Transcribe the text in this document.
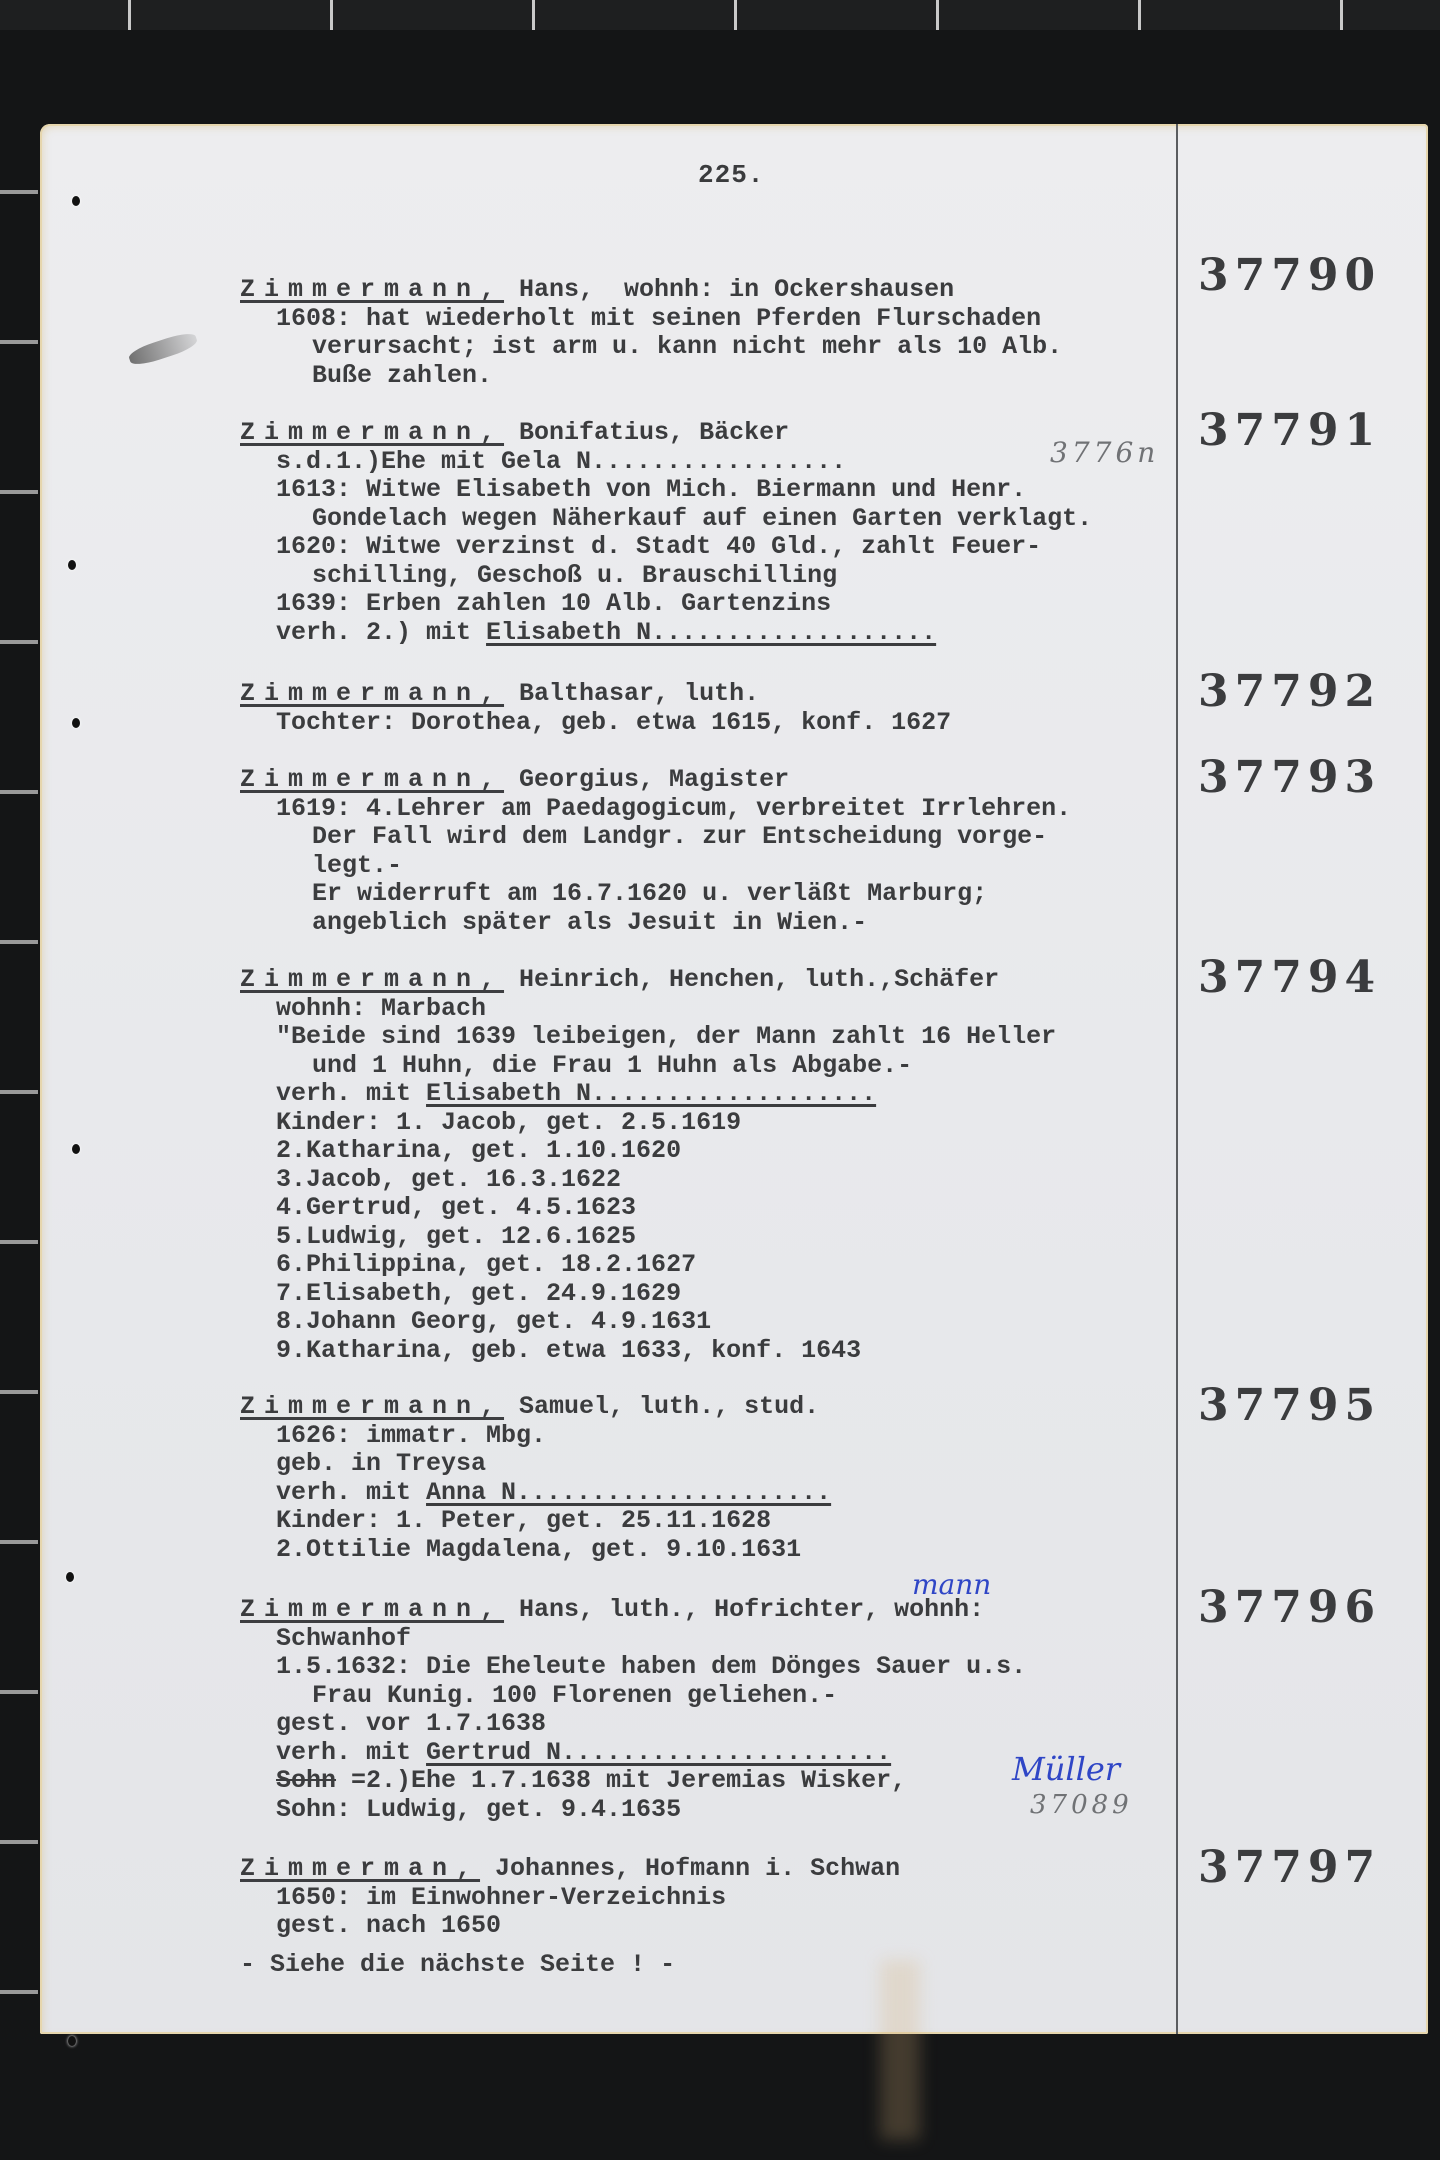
225.
Zimmermann, Hans,  wohnh: in Ockershausen
1608: hat wiederholt mit seinen Pferden Flurschaden
verursacht; ist arm u. kann nicht mehr als 10 Alb.
Buße zahlen.
37790
Zimmermann, Bonifatius, Bäcker
s.d.1.)Ehe mit Gela N.................
1613: Witwe Elisabeth von Mich. Biermann und Henr.
Gondelach wegen Näherkauf auf einen Garten verklagt.
1620: Witwe verzinst d. Stadt 40 Gld., zahlt Feuer-
schilling, Geschoß u. Brauschilling
1639: Erben zahlen 10 Alb. Gartenzins
verh. 2.) mit Elisabeth N...................
37791
3776n
Zimmermann, Balthasar, luth.
Tochter: Dorothea, geb. etwa 1615, konf. 1627
37792
Zimmermann, Georgius, Magister
1619: 4.Lehrer am Paedagogicum, verbreitet Irrlehren.
Der Fall wird dem Landgr. zur Entscheidung vorge-
legt.-
Er widerruft am 16.7.1620 u. verläßt Marburg;
angeblich später als Jesuit in Wien.-
37793
Zimmermann, Heinrich, Henchen, luth.,Schäfer
wohnh: Marbach
"Beide sind 1639 leibeigen, der Mann zahlt 16 Heller
und 1 Huhn, die Frau 1 Huhn als Abgabe.-
verh. mit Elisabeth N...................
Kinder: 1. Jacob, get. 2.5.1619
2.Katharina, get. 1.10.1620
3.Jacob, get. 16.3.1622
4.Gertrud, get. 4.5.1623
5.Ludwig, get. 12.6.1625
6.Philippina, get. 18.2.1627
7.Elisabeth, get. 24.9.1629
8.Johann Georg, get. 4.9.1631
9.Katharina, geb. etwa 1633, konf. 1643
37794
Zimmermann, Samuel, luth., stud.
1626: immatr. Mbg.
geb. in Treysa
verh. mit Anna N.....................
Kinder: 1. Peter, get. 25.11.1628
2.Ottilie Magdalena, get. 9.10.1631
37795
Zimmermann, Hans, luth., Hofrichter, wohnh:
Schwanhof
1.5.1632: Die Eheleute haben dem Dönges Sauer u.s.
Frau Kunig. 100 Florenen geliehen.-
gest. vor 1.7.1638
verh. mit Gertrud N......................
Sohn =2.)Ehe 1.7.1638 mit Jeremias Wisker,
Sohn: Ludwig, get. 9.4.1635
37796
mann
Müller
37089
Zimmerman, Johannes, Hofmann i. Schwan
1650: im Einwohner-Verzeichnis
gest. nach 1650
- Siehe die nächste Seite ! -
37797
